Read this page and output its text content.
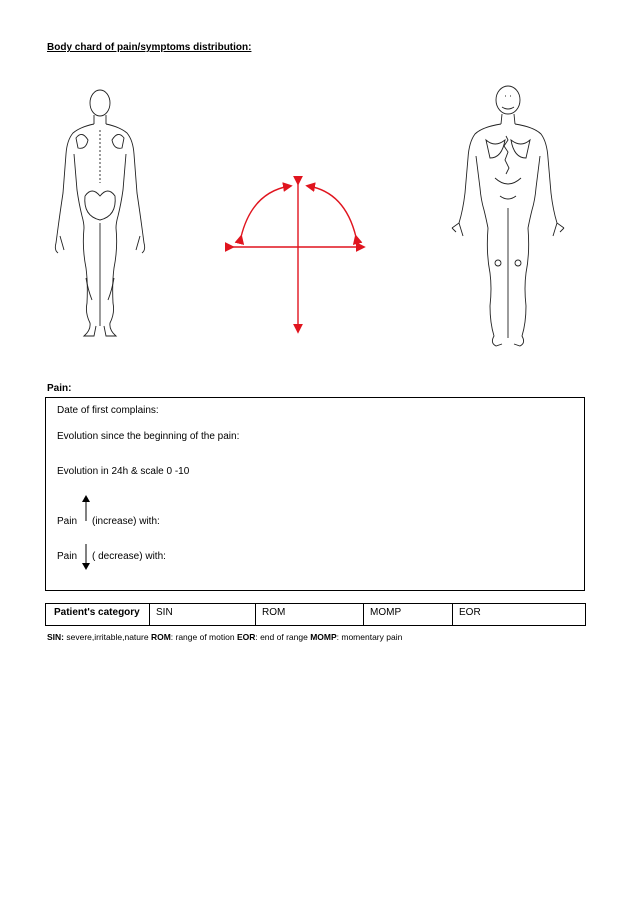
Body chard of pain/symptoms distribution:
Pain:
Date of first complains:
Evolution since the beginning of the pain:
Evolution in 24h & scale 0 -10
Pain (increase) with:
Pain ( decrease) with:
Patient's category	SIN	ROM	MOMP	EOR
SIN: severe,irritable,nature ROM: range of motion EOR: end of range MOMP: momentary pain
